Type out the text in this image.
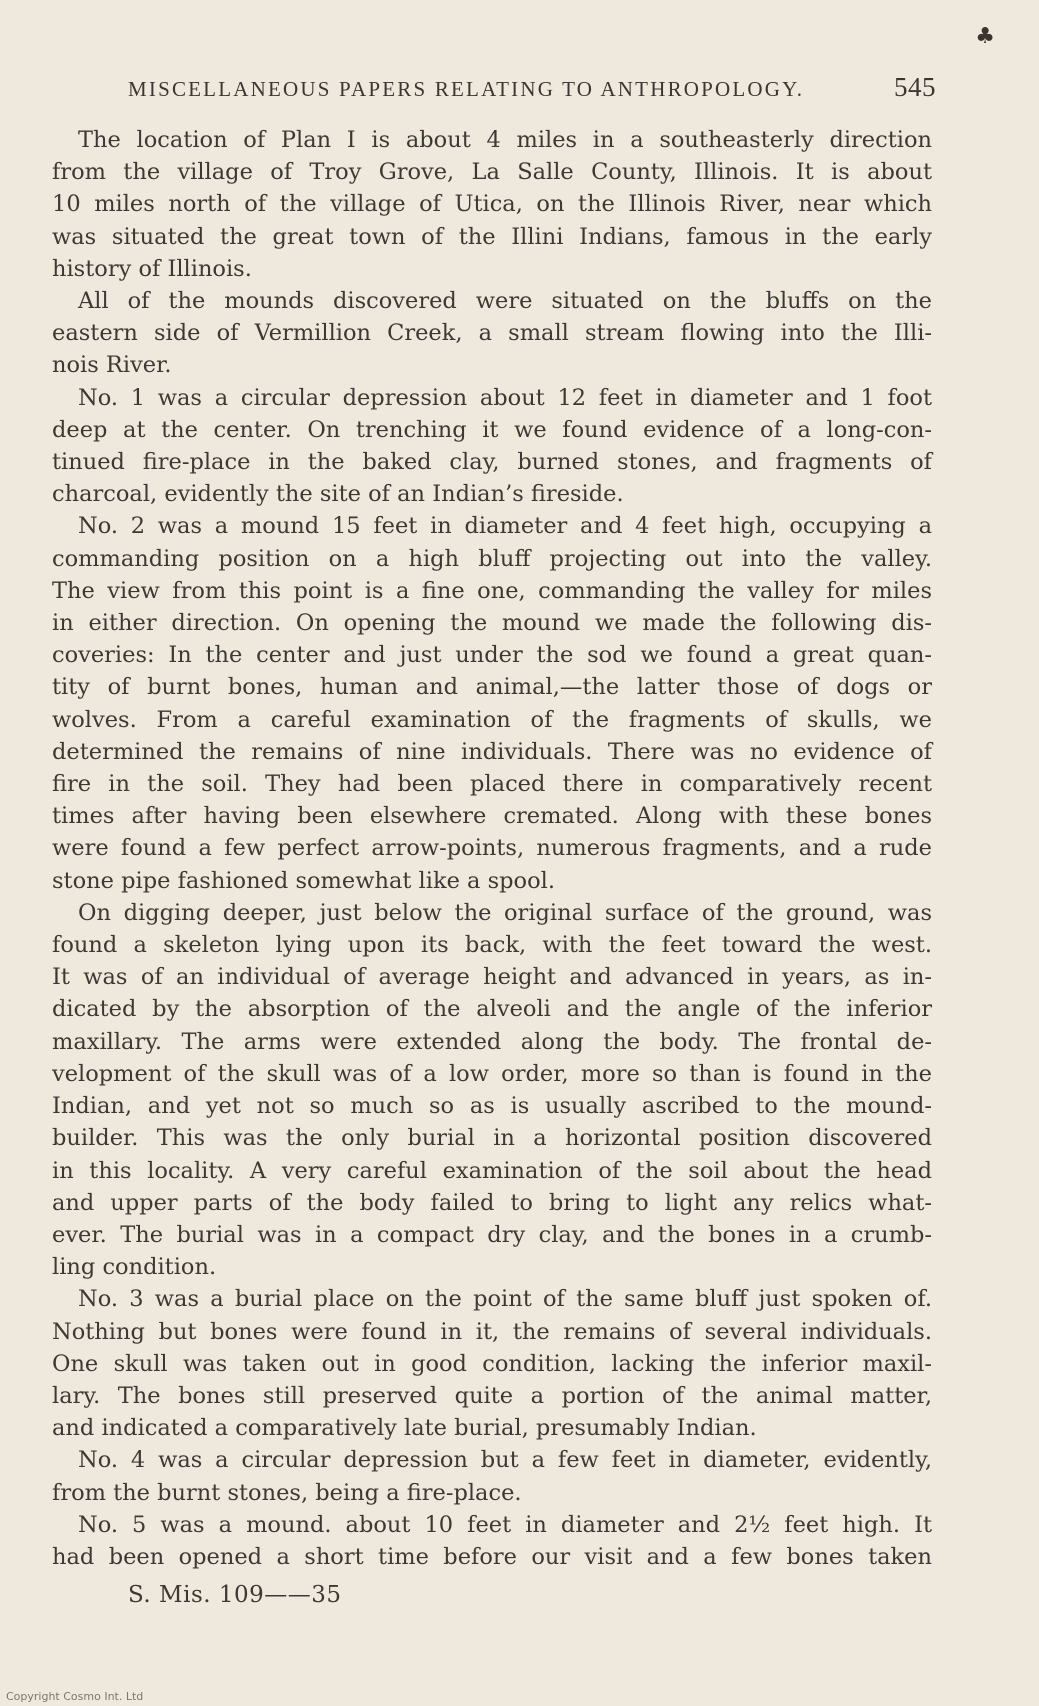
♣
MISCELLANEOUS PAPERS RELATING TO ANTHROPOLOGY.	545
The location of Plan I is about 4 miles in a southeasterly direction
from the village of Troy Grove, La Salle County, Illinois. It is about
10 miles north of the village of Utica, on the Illinois River, near which
was situated the great town of the Illini Indians, famous in the early
history of Illinois.
All of the mounds discovered were situated on the bluffs on the
eastern side of Vermillion Creek, a small stream flowing into the Illi-
nois River.
No. 1 was a circular depression about 12 feet in diameter and 1 foot
deep at the center. On trenching it we found evidence of a long-con-
tinued fire-place in the baked clay, burned stones, and fragments of
charcoal, evidently the site of an Indian’s fireside.
No. 2 was a mound 15 feet in diameter and 4 feet high, occupying a
commanding position on a high bluff projecting out into the valley.
The view from this point is a fine one, commanding the valley for miles
in either direction. On opening the mound we made the following dis-
coveries: In the center and just under the sod we found a great quan-
tity of burnt bones, human and animal,—the latter those of dogs or
wolves. From a careful examination of the fragments of skulls, we
determined the remains of nine individuals. There was no evidence of
fire in the soil. They had been placed there in comparatively recent
times after having been elsewhere cremated. Along with these bones
were found a few perfect arrow-points, numerous fragments, and a rude
stone pipe fashioned somewhat like a spool.
On digging deeper, just below the original surface of the ground, was
found a skeleton lying upon its back, with the feet toward the west.
It was of an individual of average height and advanced in years, as in-
dicated by the absorption of the alveoli and the angle of the inferior
maxillary. The arms were extended along the body. The frontal de-
velopment of the skull was of a low order, more so than is found in the
Indian, and yet not so much so as is usually ascribed to the mound-
builder. This was the only burial in a horizontal position discovered
in this locality. A very careful examination of the soil about the head
and upper parts of the body failed to bring to light any relics what-
ever. The burial was in a compact dry clay, and the bones in a crumb-
ling condition.
No. 3 was a burial place on the point of the same bluff just spoken of.
Nothing but bones were found in it, the remains of several individuals.
One skull was taken out in good condition, lacking the inferior maxil-
lary. The bones still preserved quite a portion of the animal matter,
and indicated a comparatively late burial, presumably Indian.
No. 4 was a circular depression but a few feet in diameter, evidently,
from the burnt stones, being a fire-place.
No. 5 was a mound. about 10 feet in diameter and 2½ feet high. It
had been opened a short time before our visit and a few bones taken
S. Mis. 109——35
Copyright Cosmo Int. Ltd
